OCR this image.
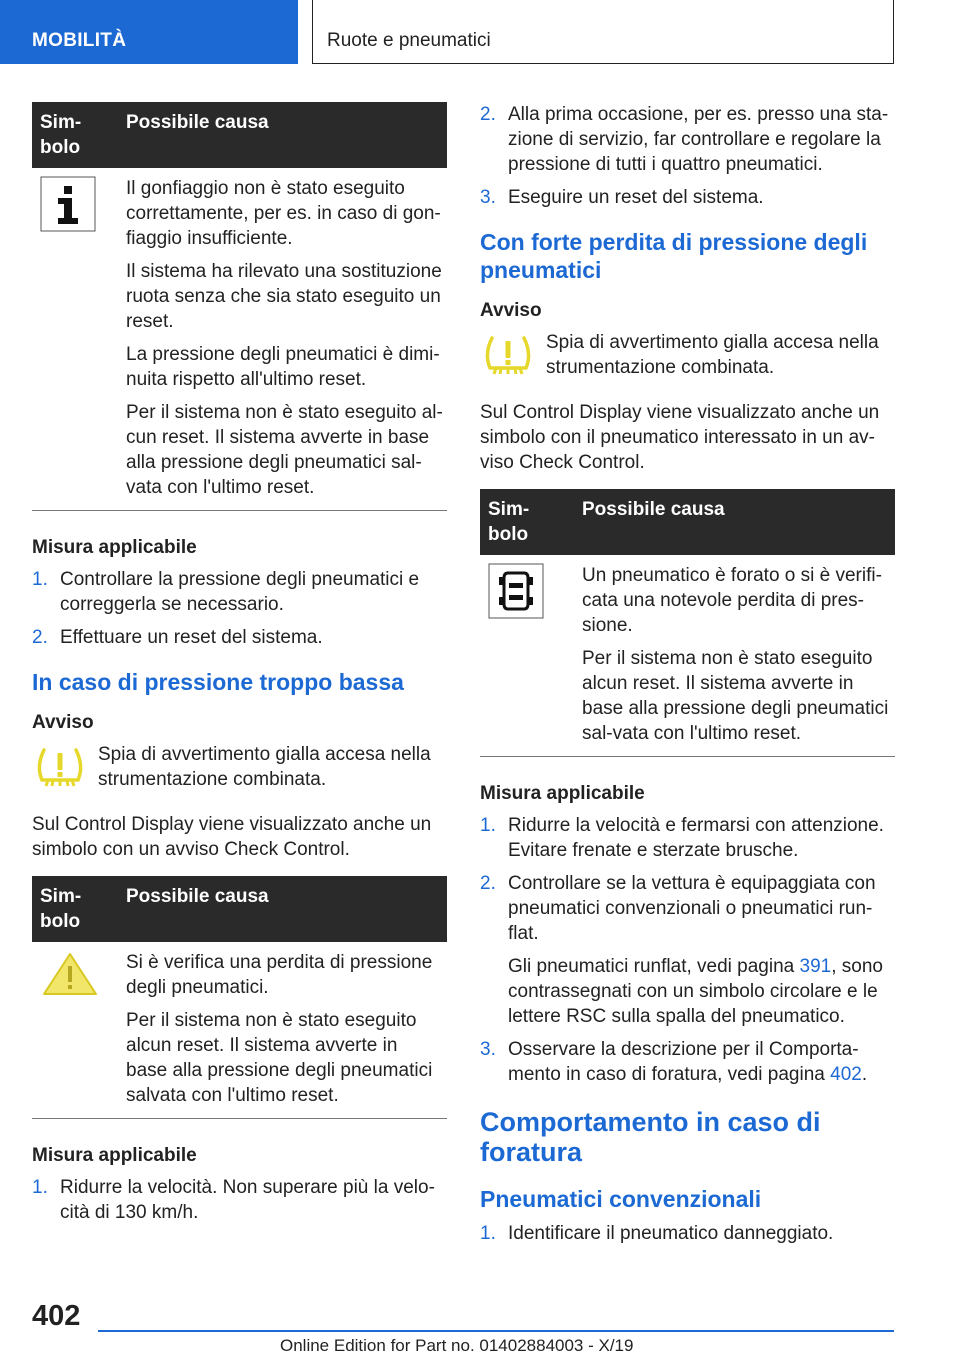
MOBILITÀ	Ruote e pneumatici
Sim-bolo	Possibile causa

Il gonfiaggio non è stato eseguito correttamente, per es. in caso di gon-fiaggio insufficiente.

Il sistema ha rilevato una sostituzione ruota senza che sia stato eseguito un reset.

La pressione degli pneumatici è dimi-nuita rispetto all'ultimo reset.

Per il sistema non è stato eseguito al-cun reset. Il sistema avverte in base alla pressione degli pneumatici sal-vata con l'ultimo reset.

Misura applicabile

1. Controllare la pressione degli pneumatici e correggerla se necessario.
2. Effettuare un reset del sistema.

In caso di pressione troppo bassa

Avviso

Spia di avvertimento gialla accesa nella strumentazione combinata.

Sul Control Display viene visualizzato anche un simbolo con un avviso Check Control.

Sim-bolo	Possibile causa

Si è verifica una perdita di pressione degli pneumatici.

Per il sistema non è stato eseguito alcun reset. Il sistema avverte in base alla pressione degli pneumatici salvata con l'ultimo reset.

Misura applicabile

1. Ridurre la velocità. Non superare più la velo-cità di 130 km/h.
2. Alla prima occasione, per es. presso una sta-zione di servizio, far controllare e regolare la pressione di tutti i quattro pneumatici.
3. Eseguire un reset del sistema.

Con forte perdita di pressione degli pneumatici

Avviso

Spia di avvertimento gialla accesa nella strumentazione combinata.

Sul Control Display viene visualizzato anche un simbolo con il pneumatico interessato in un av-viso Check Control.

Sim-bolo	Possibile causa

Un pneumatico è forato o si è verifi-cata una notevole perdita di pres-sione.

Per il sistema non è stato eseguito alcun reset. Il sistema avverte in base alla pressione degli pneumatici sal-vata con l'ultimo reset.

Misura applicabile

1. Ridurre la velocità e fermarsi con attenzione. Evitare frenate e sterzate brusche.
2. Controllare se la vettura è equipaggiata con pneumatici convenzionali o pneumatici run-flat.

Gli pneumatici runflat, vedi pagina 391, sono contrassegnati con un simbolo circolare e le lettere RSC sulla spalla del pneumatico.

3. Osservare la descrizione per il Comporta-mento in caso di foratura, vedi pagina 402.

Comportamento in caso di foratura

Pneumatici convenzionali

1. Identificare il pneumatico danneggiato.
402
Online Edition for Part no. 01402884003 - X/19
